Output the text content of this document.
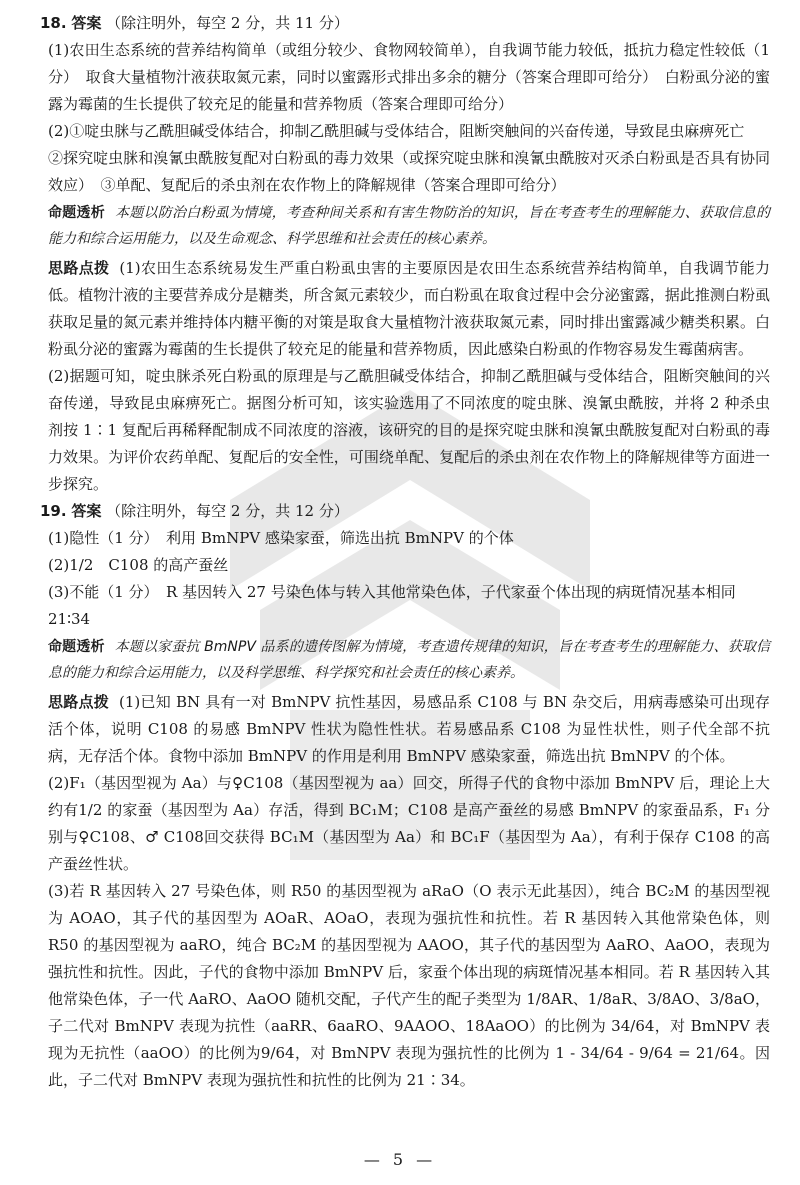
18. 答案 （除注明外，每空 2 分，共 11 分）

(1)农田生态系统的营养结构简单（或组分较少、食物网较简单），自我调节能力较低，抵抗力稳定性较低（1 分）　取食大量植物汁液获取氮元素，同时以蜜露形式排出多余的糖分（答案合理即可给分）　白粉虱分泌的蜜露为霉菌的生长提供了较充足的能量和营养物质（答案合理即可给分）

(2)①啶虫脒与乙酰胆碱受体结合，抑制乙酰胆碱与受体结合，阻断突触间的兴奋传递，导致昆虫麻痹死亡

②探究啶虫脒和溴氰虫酰胺复配对白粉虱的毒力效果（或探究啶虫脒和溴氰虫酰胺对灭杀白粉虱是否具有协同效应）　③单配、复配后的杀虫剂在农作物上的降解规律（答案合理即可给分）

命题透析 本题以防治白粉虱为情境，考查种间关系和有害生物防治的知识，旨在考查考生的理解能力、获取信息的能力和综合运用能力，以及生命观念、科学思维和社会责任的核心素养。

思路点拨 (1)农田生态系统易发生严重白粉虱虫害的主要原因是农田生态系统营养结构简单，自我调节能力低。植物汁液的主要营养成分是糖类，所含氮元素较少，而白粉虱在取食过程中会分泌蜜露，据此推测白粉虱获取足量的氮元素并维持体内糖平衡的对策是取食大量植物汁液获取氮元素，同时排出蜜露减少糖类积累。白粉虱分泌的蜜露为霉菌的生长提供了较充足的能量和营养物质，因此感染白粉虱的作物容易发生霉菌病害。

(2)据题可知，啶虫脒杀死白粉虱的原理是与乙酰胆碱受体结合，抑制乙酰胆碱与受体结合，阻断突触间的兴奋传递，导致昆虫麻痹死亡。据图分析可知，该实验选用了不同浓度的啶虫脒、溴氰虫酰胺，并将 2 种杀虫剂按 1∶1 复配后再稀释配制成不同浓度的溶液，该研究的目的是探究啶虫脒和溴氰虫酰胺复配对白粉虱的毒力效果。为评价农药单配、复配后的安全性，可围绕单配、复配后的杀虫剂在农作物上的降解规律等方面进一步探究。

19. 答案 （除注明外，每空 2 分，共 12 分）

(1)隐性（1 分）　利用 BmNPV 感染家蚕，筛选出抗 BmNPV 的个体

(2)1/2　C108 的高产蚕丝

(3)不能（1 分）　R 基因转入 27 号染色体与转入其他常染色体，子代家蚕个体出现的病斑情况基本相同

21∶34

命题透析 本题以家蚕抗 BmNPV 品系的遗传图解为情境，考查遗传规律的知识，旨在考查考生的理解能力、获取信息的能力和综合运用能力，以及科学思维、科学探究和社会责任的核心素养。

思路点拨 (1)已知 BN 具有一对 BmNPV 抗性基因，易感品系 C108 与 BN 杂交后，用病毒感染可出现存活个体，说明 C108 的易感 BmNPV 性状为隐性性状。若易感品系 C108 为显性状性，则子代全部不抗病，无存活个体。食物中添加 BmNPV 的作用是利用 BmNPV 感染家蚕，筛选出抗 BmNPV 的个体。

(2)F₁（基因型视为 Aa）与♀C108（基因型视为 aa）回交，所得子代的食物中添加 BmNPV 后，理论上大约有1/2 的家蚕（基因型为 Aa）存活，得到 BC₁M；C108 是高产蚕丝的易感 BmNPV 的家蚕品系，F₁ 分别与♀C108、♂ C108回交获得 BC₁M（基因型为 Aa）和 BC₁F（基因型为 Aa），有利于保存 C108 的高产蚕丝性状。

(3)若 R 基因转入 27 号染色体，则 R50 的基因型视为 aRaO（O 表示无此基因），纯合 BC₂M 的基因型视为 AOAO，其子代的基因型为 AOaR、AOaO，表现为强抗性和抗性。若 R 基因转入其他常染色体，则 R50 的基因型视为 aaRO，纯合 BC₂M 的基因型视为 AAOO，其子代的基因型为 AaRO、AaOO，表现为强抗性和抗性。因此，子代的食物中添加 BmNPV 后，家蚕个体出现的病斑情况基本相同。若 R 基因转入其他常染色体，子一代 AaRO、AaOO 随机交配，子代产生的配子类型为 1/8AR、1/8aR、3/8AO、3/8aO，子二代对 BmNPV 表现为抗性（aaRR、6aaRO、9AAOO、18AaOO）的比例为 34/64，对 BmNPV 表现为无抗性（aaOO）的比例为9/64，对 BmNPV 表现为强抗性的比例为 1 - 34/64 - 9/64 = 21/64。因此，子二代对 BmNPV 表现为强抗性和抗性的比例为 21∶34。

— 5 —
